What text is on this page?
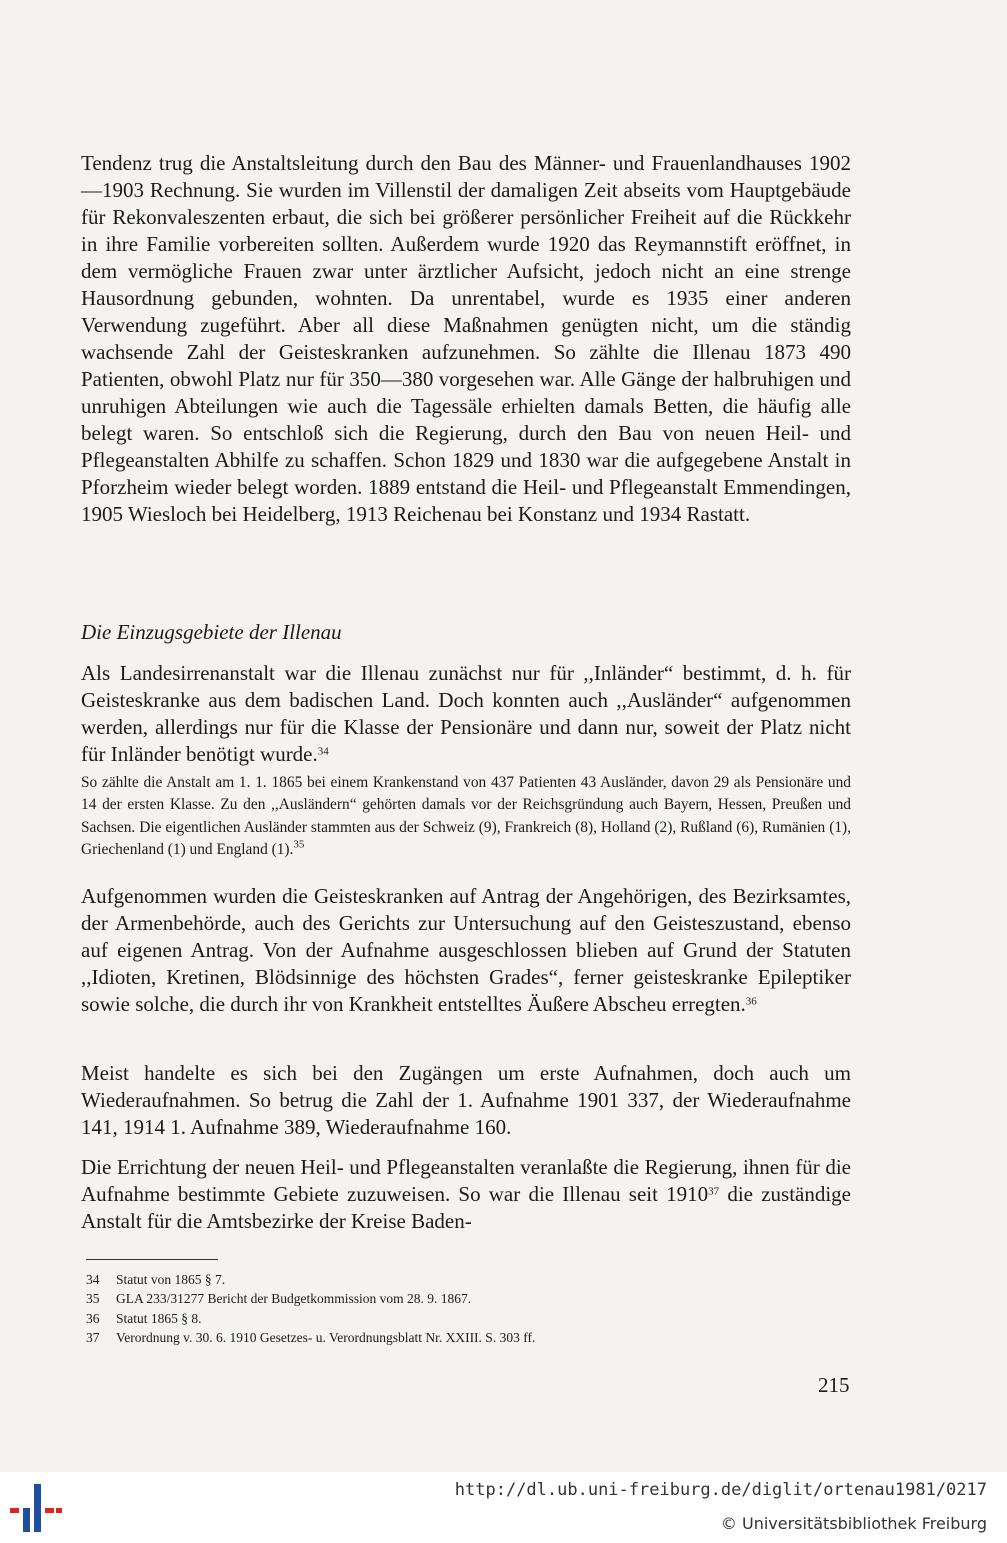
Tendenz trug die Anstaltsleitung durch den Bau des Männer- und Frauenlandhauses 1902—1903 Rechnung. Sie wurden im Villenstil der damaligen Zeit abseits vom Hauptgebäude für Rekonvaleszenten erbaut, die sich bei größerer persönlicher Freiheit auf die Rückkehr in ihre Familie vorbereiten sollten. Außerdem wurde 1920 das Reymannstift eröffnet, in dem vermögliche Frauen zwar unter ärztlicher Aufsicht, jedoch nicht an eine strenge Hausordnung gebunden, wohnten. Da unrentabel, wurde es 1935 einer anderen Verwendung zugeführt. Aber all diese Maßnahmen genügten nicht, um die ständig wachsende Zahl der Geisteskranken aufzunehmen. So zählte die Illenau 1873 490 Patienten, obwohl Platz nur für 350—380 vorgesehen war. Alle Gänge der halbruhigen und unruhigen Abteilungen wie auch die Tagessäle erhielten damals Betten, die häufig alle belegt waren. So entschloß sich die Regierung, durch den Bau von neuen Heil- und Pflegeanstalten Abhilfe zu schaffen. Schon 1829 und 1830 war die aufgegebene Anstalt in Pforzheim wieder belegt worden. 1889 entstand die Heil- und Pflegeanstalt Emmendingen, 1905 Wiesloch bei Heidelberg, 1913 Reichenau bei Konstanz und 1934 Rastatt.

Die Einzugsgebiete der Illenau

Als Landesirrenanstalt war die Illenau zunächst nur für ,,Inländer“ bestimmt, d. h. für Geisteskranke aus dem badischen Land. Doch konnten auch ,,Ausländer“ aufgenommen werden, allerdings nur für die Klasse der Pensionäre und dann nur, soweit der Platz nicht für Inländer benötigt wurde.$^{34}$

So zählte die Anstalt am 1. 1. 1865 bei einem Krankenstand von 437 Patienten 43 Ausländer, davon 29 als Pensionäre und 14 der ersten Klasse. Zu den ,,Ausländern“ gehörten damals vor der Reichsgründung auch Bayern, Hessen, Preußen und Sachsen. Die eigentlichen Ausländer stammten aus der Schweiz (9), Frankreich (8), Holland (2), Rußland (6), Rumänien (1), Griechenland (1) und England (1).$^{35}$

Aufgenommen wurden die Geisteskranken auf Antrag der Angehörigen, des Bezirksamtes, der Armenbehörde, auch des Gerichts zur Untersuchung auf den Geisteszustand, ebenso auf eigenen Antrag. Von der Aufnahme ausgeschlossen blieben auf Grund der Statuten ,,Idioten, Kretinen, Blödsinnige des höchsten Grades“, ferner geisteskranke Epileptiker sowie solche, die durch ihr von Krankheit entstelltes Äußere Abscheu erregten.$^{36}$

Meist handelte es sich bei den Zugängen um erste Aufnahmen, doch auch um Wiederaufnahmen. So betrug die Zahl der 1. Aufnahme 1901 337, der Wiederaufnahme 141, 1914 1. Aufnahme 389, Wiederaufnahme 160.

Die Errichtung der neuen Heil- und Pflegeanstalten veranlaßte die Regierung, ihnen für die Aufnahme bestimmte Gebiete zuzuweisen. So war die Illenau seit 1910$^{37}$ die zuständige Anstalt für die Amtsbezirke der Kreise Baden-

34	Statut von 1865 § 7.
35	GLA 233/31277 Bericht der Budgetkommission vom 28. 9. 1867.
36	Statut 1865 § 8.
37	Verordnung v. 30. 6. 1910 Gesetzes- u. Verordnungsblatt Nr. XXIII. S. 303 ff.
215
http://dl.ub.uni-freiburg.de/diglit/ortenau1981/0217
© Universitätsbibliothek Freiburg
